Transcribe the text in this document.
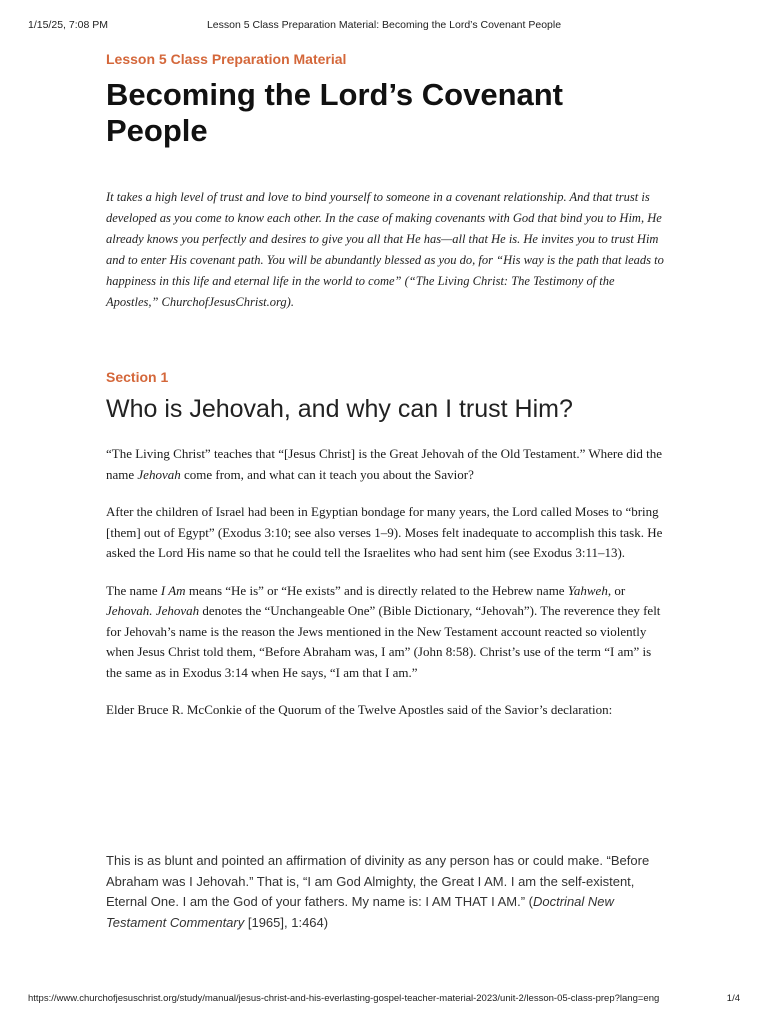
1/15/25, 7:08 PM	Lesson 5 Class Preparation Material: Becoming the Lord’s Covenant People

Lesson 5 Class Preparation Material

Becoming the Lord’s Covenant People

It takes a high level of trust and love to bind yourself to someone in a covenant relationship. And that trust is developed as you come to know each other. In the case of making covenants with God that bind you to Him, He already knows you perfectly and desires to give you all that He has—all that He is. He invites you to trust Him and to enter His covenant path. You will be abundantly blessed as you do, for “His way is the path that leads to happiness in this life and eternal life in the world to come” (“The Living Christ: The Testimony of the Apostles,” ChurchofJesusChrist.org).

Section 1

Who is Jehovah, and why can I trust Him?

“The Living Christ” teaches that “[Jesus Christ] is the Great Jehovah of the Old Testament.” Where did the name Jehovah come from, and what can it teach you about the Savior?

After the children of Israel had been in Egyptian bondage for many years, the Lord called Moses to “bring [them] out of Egypt” (Exodus 3:10; see also verses 1–9). Moses felt inadequate to accomplish this task. He asked the Lord His name so that he could tell the Israelites who had sent him (see Exodus 3:11–13).

The name I Am means “He is” or “He exists” and is directly related to the Hebrew name Yahweh, or Jehovah. Jehovah denotes the “Unchangeable One” (Bible Dictionary, “Jehovah”). The reverence they felt for Jehovah’s name is the reason the Jews mentioned in the New Testament account reacted so violently when Jesus Christ told them, “Before Abraham was, I am” (John 8:58). Christ’s use of the term “I am” is the same as in Exodus 3:14 when He says, “I am that I am.”

Elder Bruce R. McConkie of the Quorum of the Twelve Apostles said of the Savior’s declaration:

This is as blunt and pointed an affirmation of divinity as any person has or could make. “Before Abraham was I Jehovah.” That is, “I am God Almighty, the Great I AM. I am the self-existent, Eternal One. I am the God of your fathers. My name is: I AM THAT I AM.” (Doctrinal New Testament Commentary [1965], 1:464)

https://www.churchofjesuschrist.org/study/manual/jesus-christ-and-his-everlasting-gospel-teacher-material-2023/unit-2/lesson-05-class-prep?lang=eng	1/4
